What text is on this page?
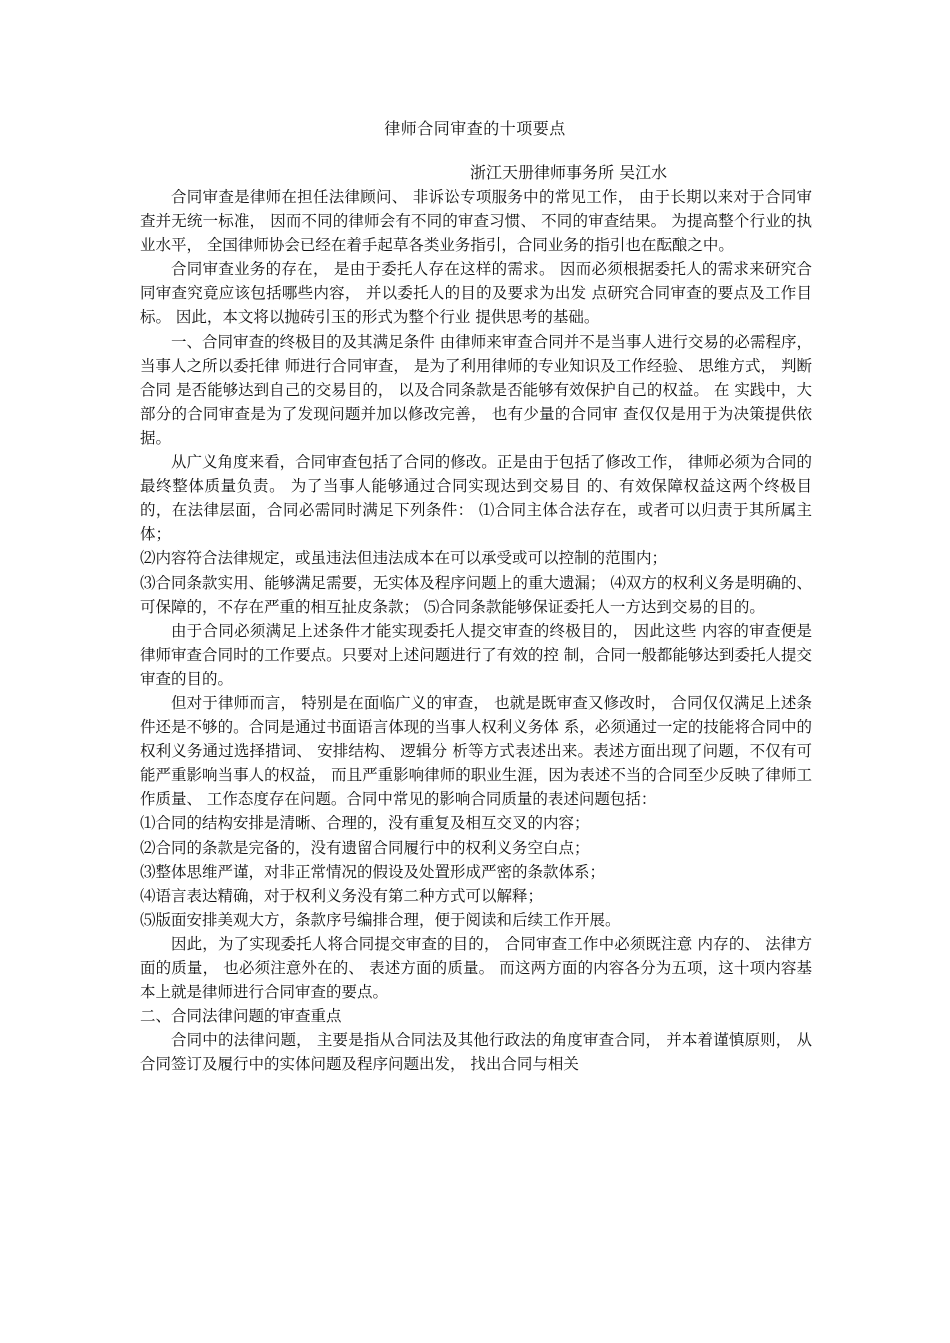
律师合同审查的十项要点
浙江天册律师事务所 吴江水

合同审查是律师在担任法律顾问、 非诉讼专项服务中的常见工作， 由于长期以来对于合同审查并无统一标准， 因而不同的律师会有不同的审查习惯、 不同的审查结果。 为提高整个行业的执业水平， 全国律师协会已经在着手起草各类业务指引，合同业务的指引也在酝酿之中。

合同审查业务的存在， 是由于委托人存在这样的需求。 因而必须根据委托人的需求来研究合同审查究竟应该包括哪些内容， 并以委托人的目的及要求为出发 点研究合同审查的要点及工作目标。 因此，本文将以抛砖引玉的形式为整个行业 提供思考的基础。

一、合同审查的终极目的及其满足条件 由律师来审查合同并不是当事人进行交易的必需程序， 当事人之所以委托律 师进行合同审查， 是为了利用律师的专业知识及工作经验、 思维方式， 判断合同 是否能够达到自己的交易目的， 以及合同条款是否能够有效保护自己的权益。 在 实践中，大部分的合同审查是为了发现问题并加以修改完善， 也有少量的合同审 查仅仅是用于为决策提供依据。

从广义角度来看，合同审查包括了合同的修改。正是由于包括了修改工作， 律师必须为合同的最终整体质量负责。 为了当事人能够通过合同实现达到交易目 的、有效保障权益这两个终极目的，在法律层面，合同必需同时满足下列条件： ⑴合同主体合法存在，或者可以归责于其所属主体；

⑵内容符合法律规定，或虽违法但违法成本在可以承受或可以控制的范围内；

⑶合同条款实用、能够满足需要，无实体及程序问题上的重大遗漏； ⑷双方的权利义务是明确的、可保障的，不存在严重的相互扯皮条款； ⑸合同条款能够保证委托人一方达到交易的目的。

由于合同必须满足上述条件才能实现委托人提交审查的终极目的， 因此这些 内容的审查便是律师审查合同时的工作要点。只要对上述问题进行了有效的控 制，合同一般都能够达到委托人提交审查的目的。

但对于律师而言， 特别是在面临广义的审查， 也就是既审查又修改时， 合同仅仅满足上述条件还是不够的。合同是通过书面语言体现的当事人权利义务体 系，必须通过一定的技能将合同中的权利义务通过选择措词、 安排结构、 逻辑分 析等方式表述出来。表述方面出现了问题，不仅有可能严重影响当事人的权益， 而且严重影响律师的职业生涯，因为表述不当的合同至少反映了律师工作质量、 工作态度存在问题。合同中常见的影响合同质量的表述问题包括：

⑴合同的结构安排是清晰、合理的，没有重复及相互交叉的内容；

⑵合同的条款是完备的，没有遗留合同履行中的权利义务空白点；

⑶整体思维严谨，对非正常情况的假设及处置形成严密的条款体系；

⑷语言表达精确，对于权利义务没有第二种方式可以解释；

⑸版面安排美观大方，条款序号编排合理，便于阅读和后续工作开展。

因此，为了实现委托人将合同提交审查的目的， 合同审查工作中必须既注意 内存的、 法律方面的质量， 也必须注意外在的、 表述方面的质量。 而这两方面的内容各分为五项，这十项内容基本上就是律师进行合同审查的要点。

二、合同法律问题的审查重点

合同中的法律问题， 主要是指从合同法及其他行政法的角度审查合同， 并本着谨慎原则， 从合同签订及履行中的实体问题及程序问题出发， 找出合同与相关
